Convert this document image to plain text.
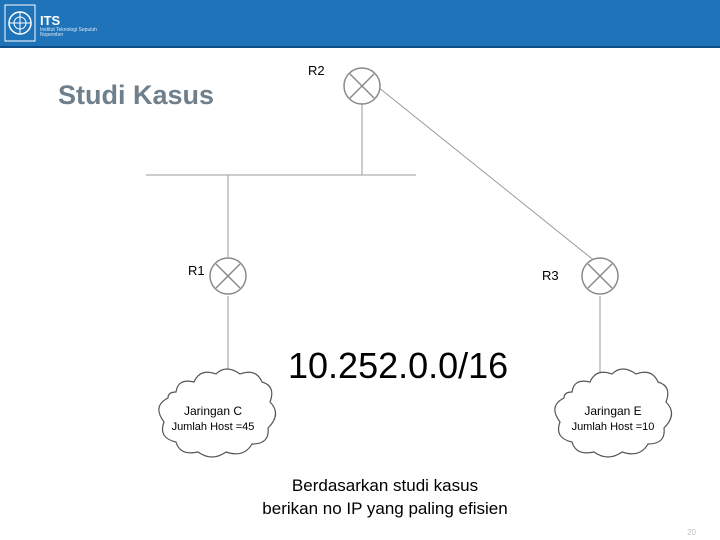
ITS
Institut Teknologi Sepuluh Nopember
Studi Kasus
R2
R1	R3
Jaringan C
Jumlah Host =45
Jaringan E
Jumlah Host =10
10.252.0.0/16
Berdasarkan studi kasus
berikan no IP yang paling efisien
20
